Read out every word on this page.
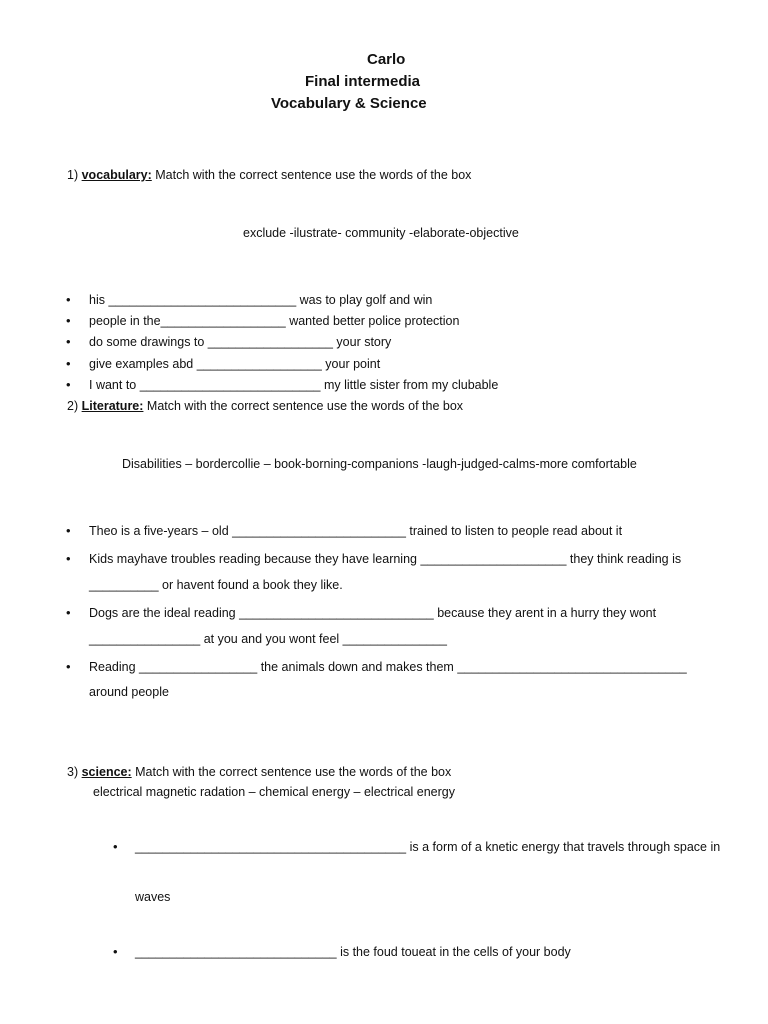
Carlo
Final intermedia
Vocabulary & Science
1) vocabulary: Match with the correct sentence use the words of the box
exclude -ilustrate- community -elaborate-objective
• his ___________________________ was to play golf and win
• people in the__________________ wanted better police protection
• do some drawings to __________________ your story
• give examples abd __________________ your point
• I want to __________________________ my little sister from my clubable
2) Literature: Match with the correct sentence use the words of the box
Disabilities – bordercollie – book-borning-companions -laugh-judged-calms-more comfortable
• Theo is a five-years – old _________________________ trained to listen to people read about it
• Kids mayhave troubles reading because they have learning _____________________ they think reading is
__________ or havent found a book they like.
• Dogs are the ideal reading ____________________________ because they arent in a hurry they wont
________________ at you and you wont feel _______________
• Reading _________________ the animals down and makes them _________________________________
around people
3) science: Match with the correct sentence use the words of the box
electrical magnetic radation – chemical energy – electrical energy
• _______________________________________ is a form of a knetic energy that travels through space in
waves
• _____________________________ is the foud toueat in the cells of your body
